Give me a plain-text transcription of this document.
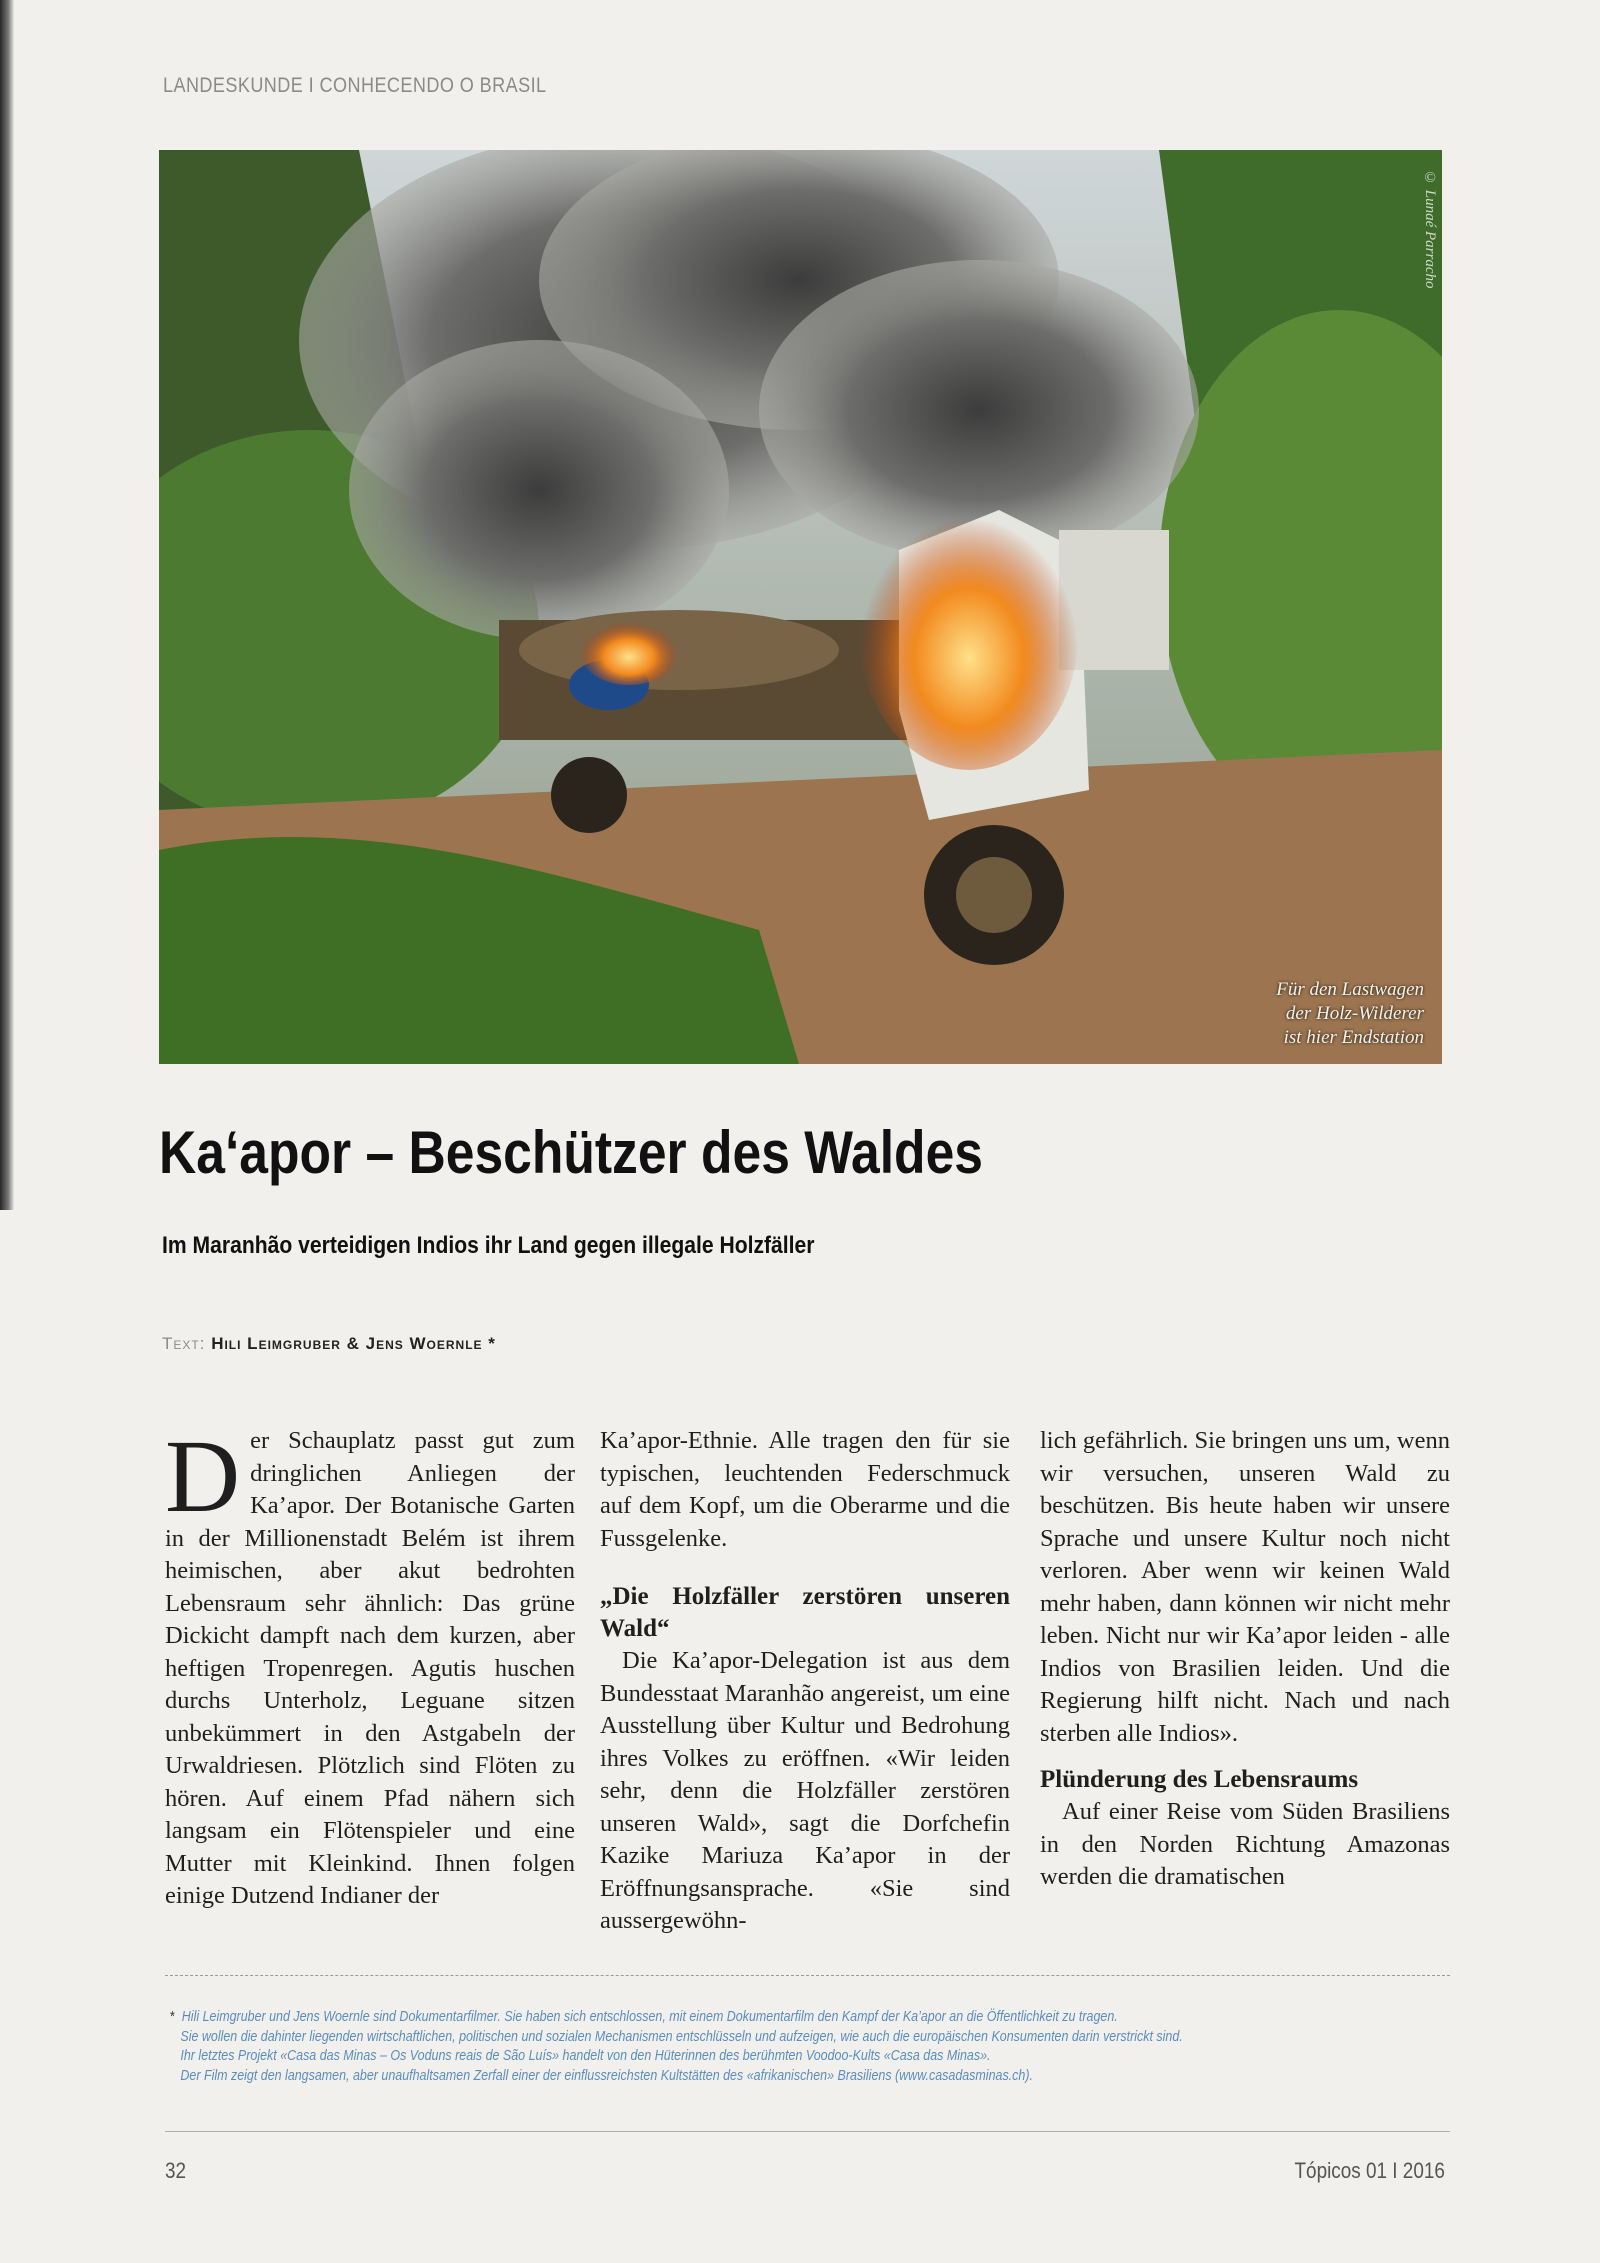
LANDESKUNDE I CONHECENDO O BRASIL
© Lunaé Parracho
Für den Lastwagen
der Holz-Wilderer
ist hier Endstation
Ka‘apor – Beschützer des Waldes
Im Maranhão verteidigen Indios ihr Land gegen illegale Holzfäller
Text: Hili Leimgruber & Jens Woernle *

Der Schauplatz passt gut zum dringlichen Anliegen der Ka’apor. Der Botanische Garten in der Millionenstadt Belém ist ihrem heimischen, aber akut bedrohten Lebensraum sehr ähnlich: Das grüne Dickicht dampft nach dem kurzen, aber heftigen Tropenregen. Agutis huschen durchs Unterholz, Leguane sitzen unbekümmert in den Astgabeln der Urwaldriesen. Plötzlich sind Flöten zu hören. Auf einem Pfad nähern sich langsam ein Flötenspieler und eine Mutter mit Kleinkind. Ihnen folgen einige Dutzend Indianer der

Ka’apor-Ethnie. Alle tragen den für sie typischen, leuchtenden Federschmuck auf dem Kopf, um die Oberarme und die Fussgelenke.

„Die Holzfäller zerstören unseren Wald“

Die Ka’apor-Delegation ist aus dem Bundesstaat Maranhão angereist, um eine Ausstellung über Kultur und Bedrohung ihres Volkes zu eröffnen. «Wir leiden sehr, denn die Holzfäller zerstören unseren Wald», sagt die Dorfchefin Kazike Mariuza Ka’apor in der Eröffnungsansprache. «Sie sind aussergewöhn-

lich gefährlich. Sie bringen uns um, wenn wir versuchen, unseren Wald zu beschützen. Bis heute haben wir unsere Sprache und unsere Kultur noch nicht verloren. Aber wenn wir keinen Wald mehr haben, dann können wir nicht mehr leben. Nicht nur wir Ka’apor leiden - alle Indios von Brasilien leiden. Und die Regierung hilft nicht. Nach und nach sterben alle Indios».

Plünderung des Lebensraums

Auf einer Reise vom Süden Brasiliens in den Norden Richtung Amazonas werden die dramatischen

* Hili Leimgruber und Jens Woernle sind Dokumentarfilmer. Sie haben sich entschlossen, mit einem Dokumentarfilm den Kampf der Ka’apor an die Öffentlichkeit zu tragen.

Sie wollen die dahinter liegenden wirtschaftlichen, politischen und sozialen Mechanismen entschlüsseln und aufzeigen, wie auch die europäischen Konsumenten darin verstrickt sind.

Ihr letztes Projekt «Casa das Minas – Os Voduns reais de São Luís» handelt von den Hüterinnen des berühmten Voodoo-Kults «Casa das Minas».

Der Film zeigt den langsamen, aber unaufhaltsamen Zerfall einer der einflussreichsten Kultstätten des «afrikanischen» Brasiliens (www.casadasminas.ch).

32	Tópicos 01 I 2016
